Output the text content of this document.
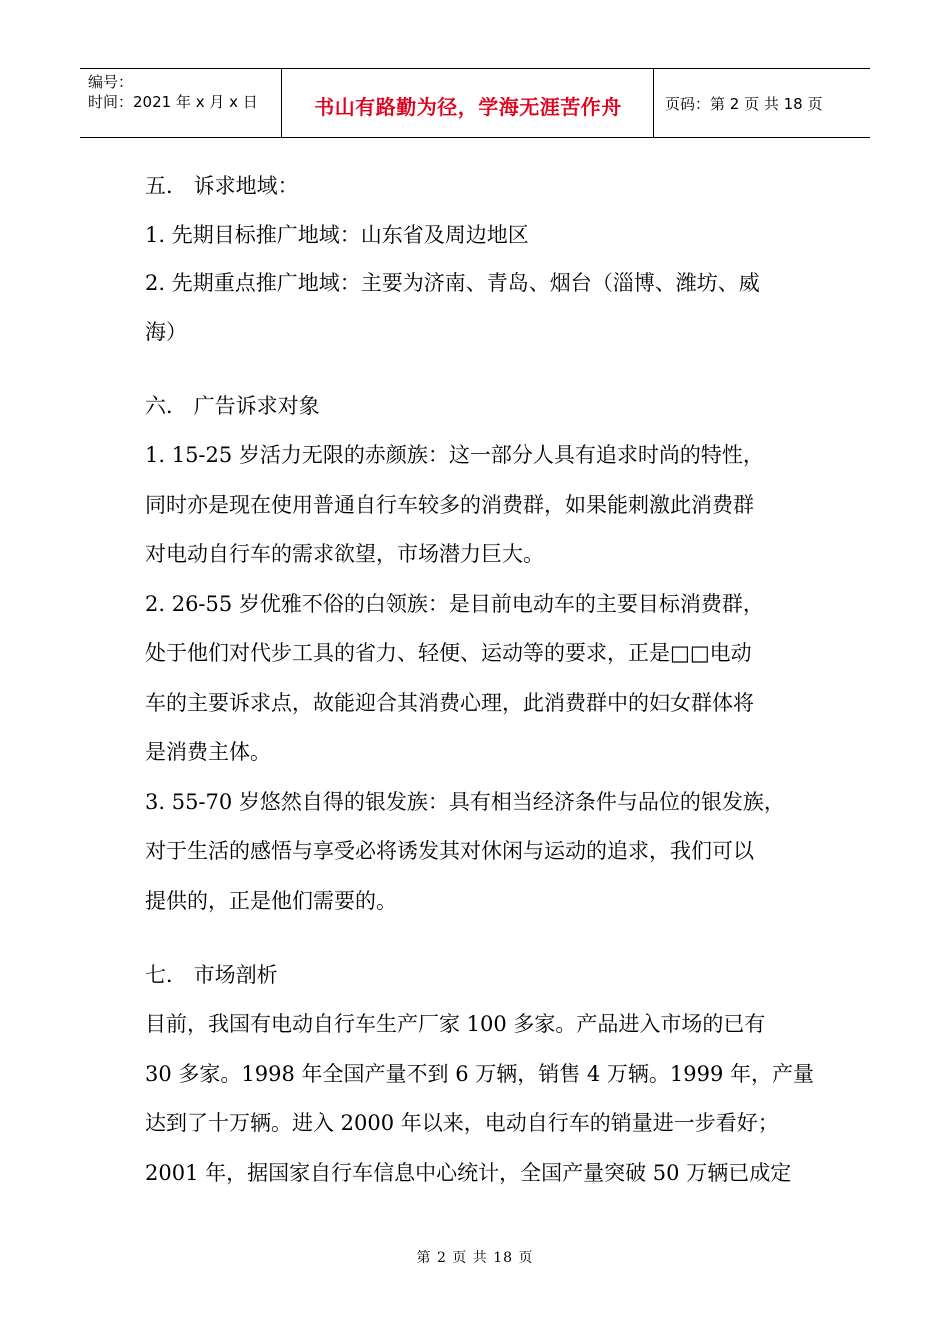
编号：
时间：2021 年 x 月 x 日	书山有路勤为径，学海无涯苦作舟	页码：第 2 页 共 18 页
五． 诉求地域：
1. 先期目标推广地域：山东省及周边地区
2. 先期重点推广地域：主要为济南、青岛、烟台（淄博、潍坊、威
海）
六． 广告诉求对象
1. 15-25 岁活力无限的赤颜族：这一部分人具有追求时尚的特性，
同时亦是现在使用普通自行车较多的消费群，如果能刺激此消费群
对电动自行车的需求欲望，市场潜力巨大。
2. 26-55 岁优雅不俗的白领族：是目前电动车的主要目标消费群，
处于他们对代步工具的省力、轻便、运动等的要求，正是□□电动
车的主要诉求点，故能迎合其消费心理，此消费群中的妇女群体将
是消费主体。
3. 55-70 岁悠然自得的银发族：具有相当经济条件与品位的银发族，
对于生活的感悟与享受必将诱发其对休闲与运动的追求，我们可以
提供的，正是他们需要的。
七． 市场剖析
目前，我国有电动自行车生产厂家 100 多家。产品进入市场的已有
30 多家。1998 年全国产量不到 6 万辆，销售 4 万辆。1999 年，产量
达到了十万辆。进入 2000 年以来，电动自行车的销量进一步看好；
2001 年，据国家自行车信息中心统计，全国产量突破 50 万辆已成定
第 2 页 共 18 页
